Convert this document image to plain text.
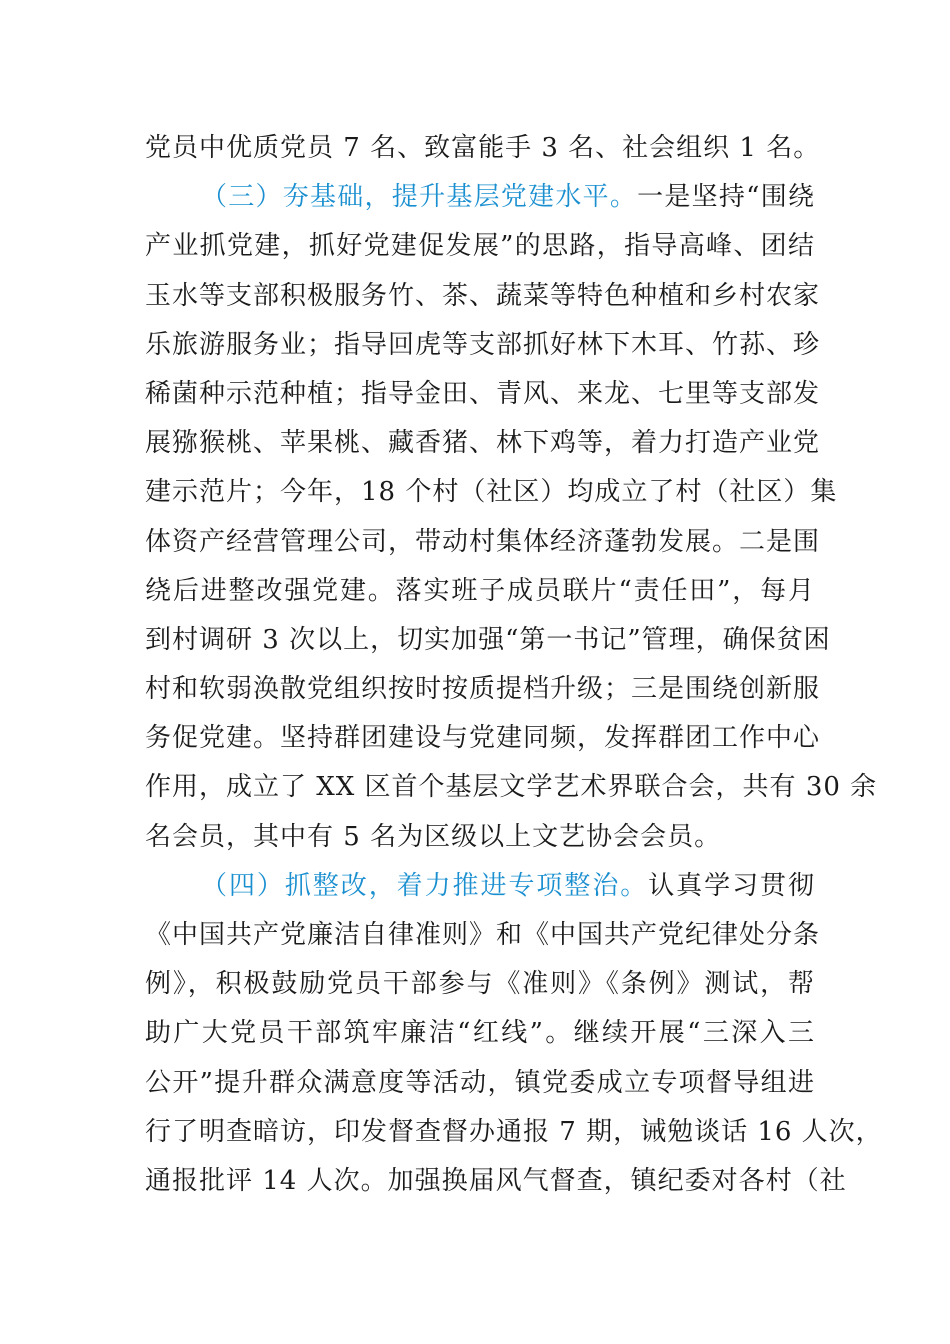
党员中优质党员 7 名、致富能手 3 名、社会组织 1 名。
（三）夯基础，提升基层党建水平。一是坚持“围绕
产业抓党建，抓好党建促发展”的思路，指导高峰、团结
玉水等支部积极服务竹、茶、蔬菜等特色种植和乡村农家
乐旅游服务业；指导回虎等支部抓好林下木耳、竹荪、珍
稀菌种示范种植；指导金田、青风、来龙、七里等支部发
展猕猴桃、苹果桃、藏香猪、林下鸡等，着力打造产业党
建示范片；今年，18 个村（社区）均成立了村（社区）集
体资产经营管理公司，带动村集体经济蓬勃发展。二是围
绕后进整改强党建。落实班子成员联片“责任田”，每月
到村调研 3 次以上，切实加强“第一书记”管理，确保贫困
村和软弱涣散党组织按时按质提档升级；三是围绕创新服
务促党建。坚持群团建设与党建同频，发挥群团工作中心
作用，成立了 XX 区首个基层文学艺术界联合会，共有 30 余
名会员，其中有 5 名为区级以上文艺协会会员。
（四）抓整改，着力推进专项整治。认真学习贯彻
《中国共产党廉洁自律准则》和《中国共产党纪律处分条
例》，积极鼓励党员干部参与《准则》《条例》测试，帮
助广大党员干部筑牢廉洁“红线”。继续开展“三深入三
公开”提升群众满意度等活动，镇党委成立专项督导组进
行了明查暗访，印发督查督办通报 7 期，诫勉谈话 16 人次，
通报批评 14 人次。加强换届风气督查，镇纪委对各村（社
